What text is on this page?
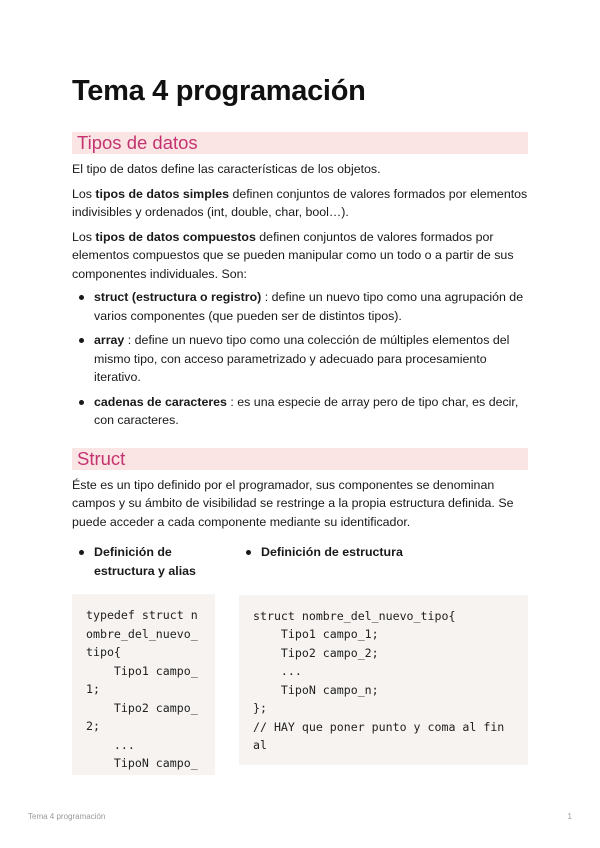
Tema 4 programación
Tipos de datos

El tipo de datos define las características de los objetos.

Los tipos de datos simples definen conjuntos de valores formados por elementos indivisibles y ordenados (int, double, char, bool…).

Los tipos de datos compuestos definen conjuntos de valores formados por elementos compuestos que se pueden manipular como un todo o a partir de sus componentes individuales. Son:

struct (estructura o registro) : define un nuevo tipo como una agrupación de varios componentes (que pueden ser de distintos tipos).
array : define un nuevo tipo como una colección de múltiples elementos del mismo tipo, con acceso parametrizado y adecuado para procesamiento iterativo.
cadenas de caracteres : es una especie de array pero de tipo char, es decir, con caracteres.
Struct

Éste es un tipo definido por el programador, sus componentes se denominan campos y su ámbito de visibilidad se restringe a la propia estructura definida. Se puede acceder a cada componente mediante su identificador.

Definición de estructura y alias
typedef struct n
ombre_del_nuevo_
tipo{
Tipo1 campo_
1;
Tipo2 campo_
2;
...
TipoN campo_
Definición de estructura
struct nombre_del_nuevo_tipo{
Tipo1 campo_1;
Tipo2 campo_2;
...
TipoN campo_n;
};
// HAY que poner punto y coma al fin
al
Tema 4 programación	1
